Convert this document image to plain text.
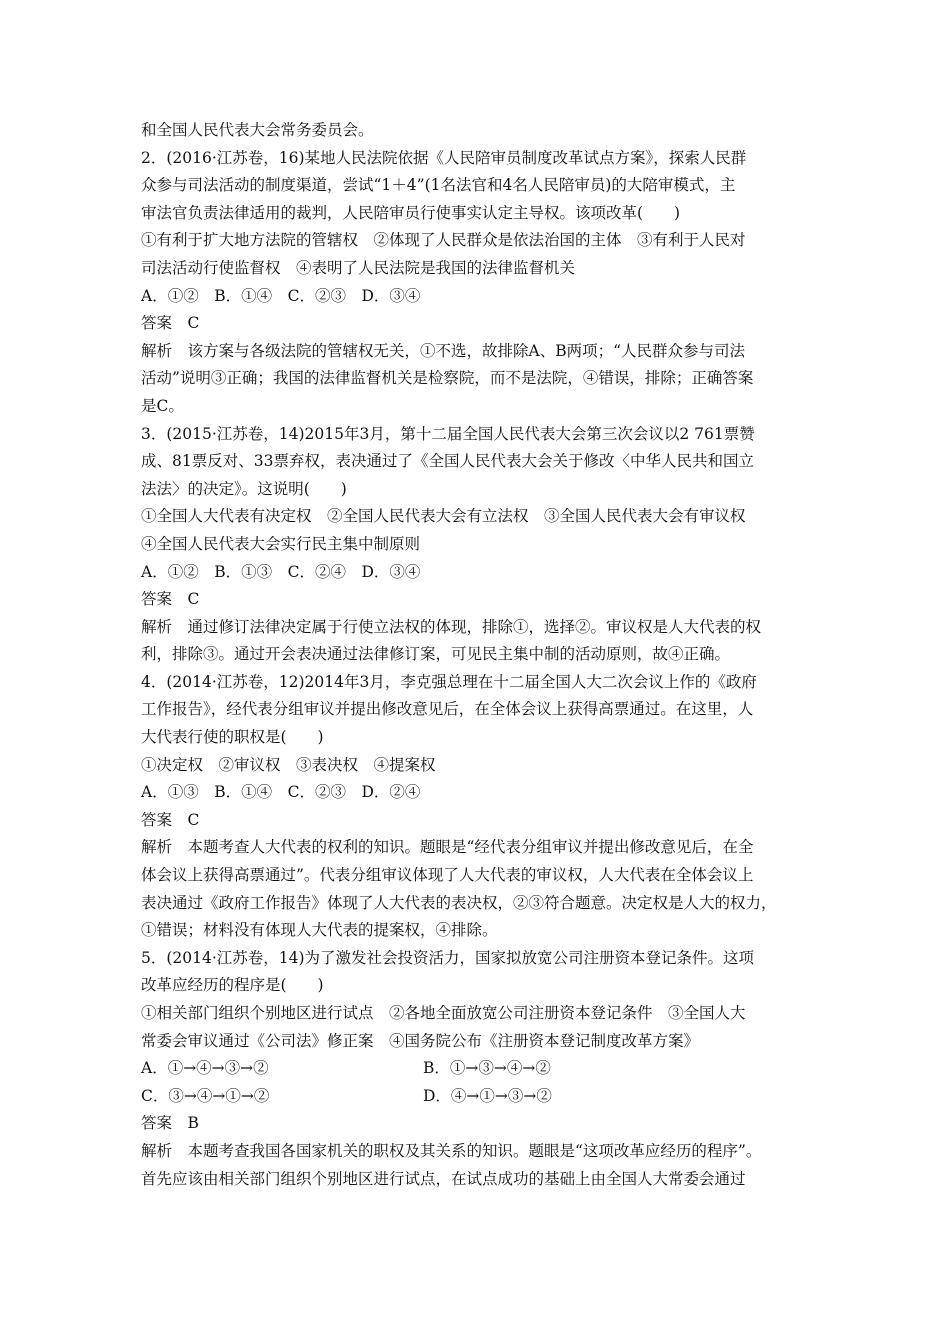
和全国人民代表大会常务委员会。

2．(2016·江苏卷，16)某地人民法院依据《人民陪审员制度改革试点方案》，探索人民群

众参与司法活动的制度渠道，尝试“1＋4”(1名法官和4名人民陪审员)的大陪审模式，主

审法官负责法律适用的裁判，人民陪审员行使事实认定主导权。该项改革(　　)

①有利于扩大地方法院的管辖权　②体现了人民群众是依法治国的主体　③有利于人民对

司法活动行使监督权　④表明了人民法院是我国的法律监督机关

A．①②　B．①④　C．②③　D．③④

答案　C

解析　该方案与各级法院的管辖权无关，①不选，故排除A、B两项；“人民群众参与司法

活动”说明③正确；我国的法律监督机关是检察院，而不是法院，④错误，排除；正确答案

是C。

3．(2015·江苏卷，14)2015年3月，第十二届全国人民代表大会第三次会议以2 761票赞

成、81票反对、33票弃权，表决通过了《全国人民代表大会关于修改〈中华人民共和国立

法法〉的决定》。这说明(　　)

①全国人大代表有决定权　②全国人民代表大会有立法权　③全国人民代表大会有审议权

④全国人民代表大会实行民主集中制原则

A．①②　B．①③　C．②④　D．③④

答案　C

解析　通过修订法律决定属于行使立法权的体现，排除①，选择②。审议权是人大代表的权

利，排除③。通过开会表决通过法律修订案，可见民主集中制的活动原则，故④正确。

4．(2014·江苏卷，12)2014年3月，李克强总理在十二届全国人大二次会议上作的《政府

工作报告》，经代表分组审议并提出修改意见后，在全体会议上获得高票通过。在这里，人

大代表行使的职权是(　　)

①决定权　②审议权　③表决权　④提案权

A．①③　B．①④　C．②③　D．②④

答案　C

解析　本题考查人大代表的权利的知识。题眼是“经代表分组审议并提出修改意见后，在全

体会议上获得高票通过”。代表分组审议体现了人大代表的审议权，人大代表在全体会议上

表决通过《政府工作报告》体现了人大代表的表决权，②③符合题意。决定权是人大的权力，

①错误；材料没有体现人大代表的提案权，④排除。

5．(2014·江苏卷，14)为了激发社会投资活力，国家拟放宽公司注册资本登记条件。这项

改革应经历的程序是(　　)

①相关部门组织个别地区进行试点　②各地全面放宽公司注册资本登记条件　③全国人大

常委会审议通过《公司法》修正案　④国务院公布《注册资本登记制度改革方案》

A．①→④→③→②	B．①→③→④→②
C．③→④→①→②	D．④→①→③→②

答案　B

解析　本题考查我国各国家机关的职权及其关系的知识。题眼是“这项改革应经历的程序”。

首先应该由相关部门组织个别地区进行试点，在试点成功的基础上由全国人大常委会通过
